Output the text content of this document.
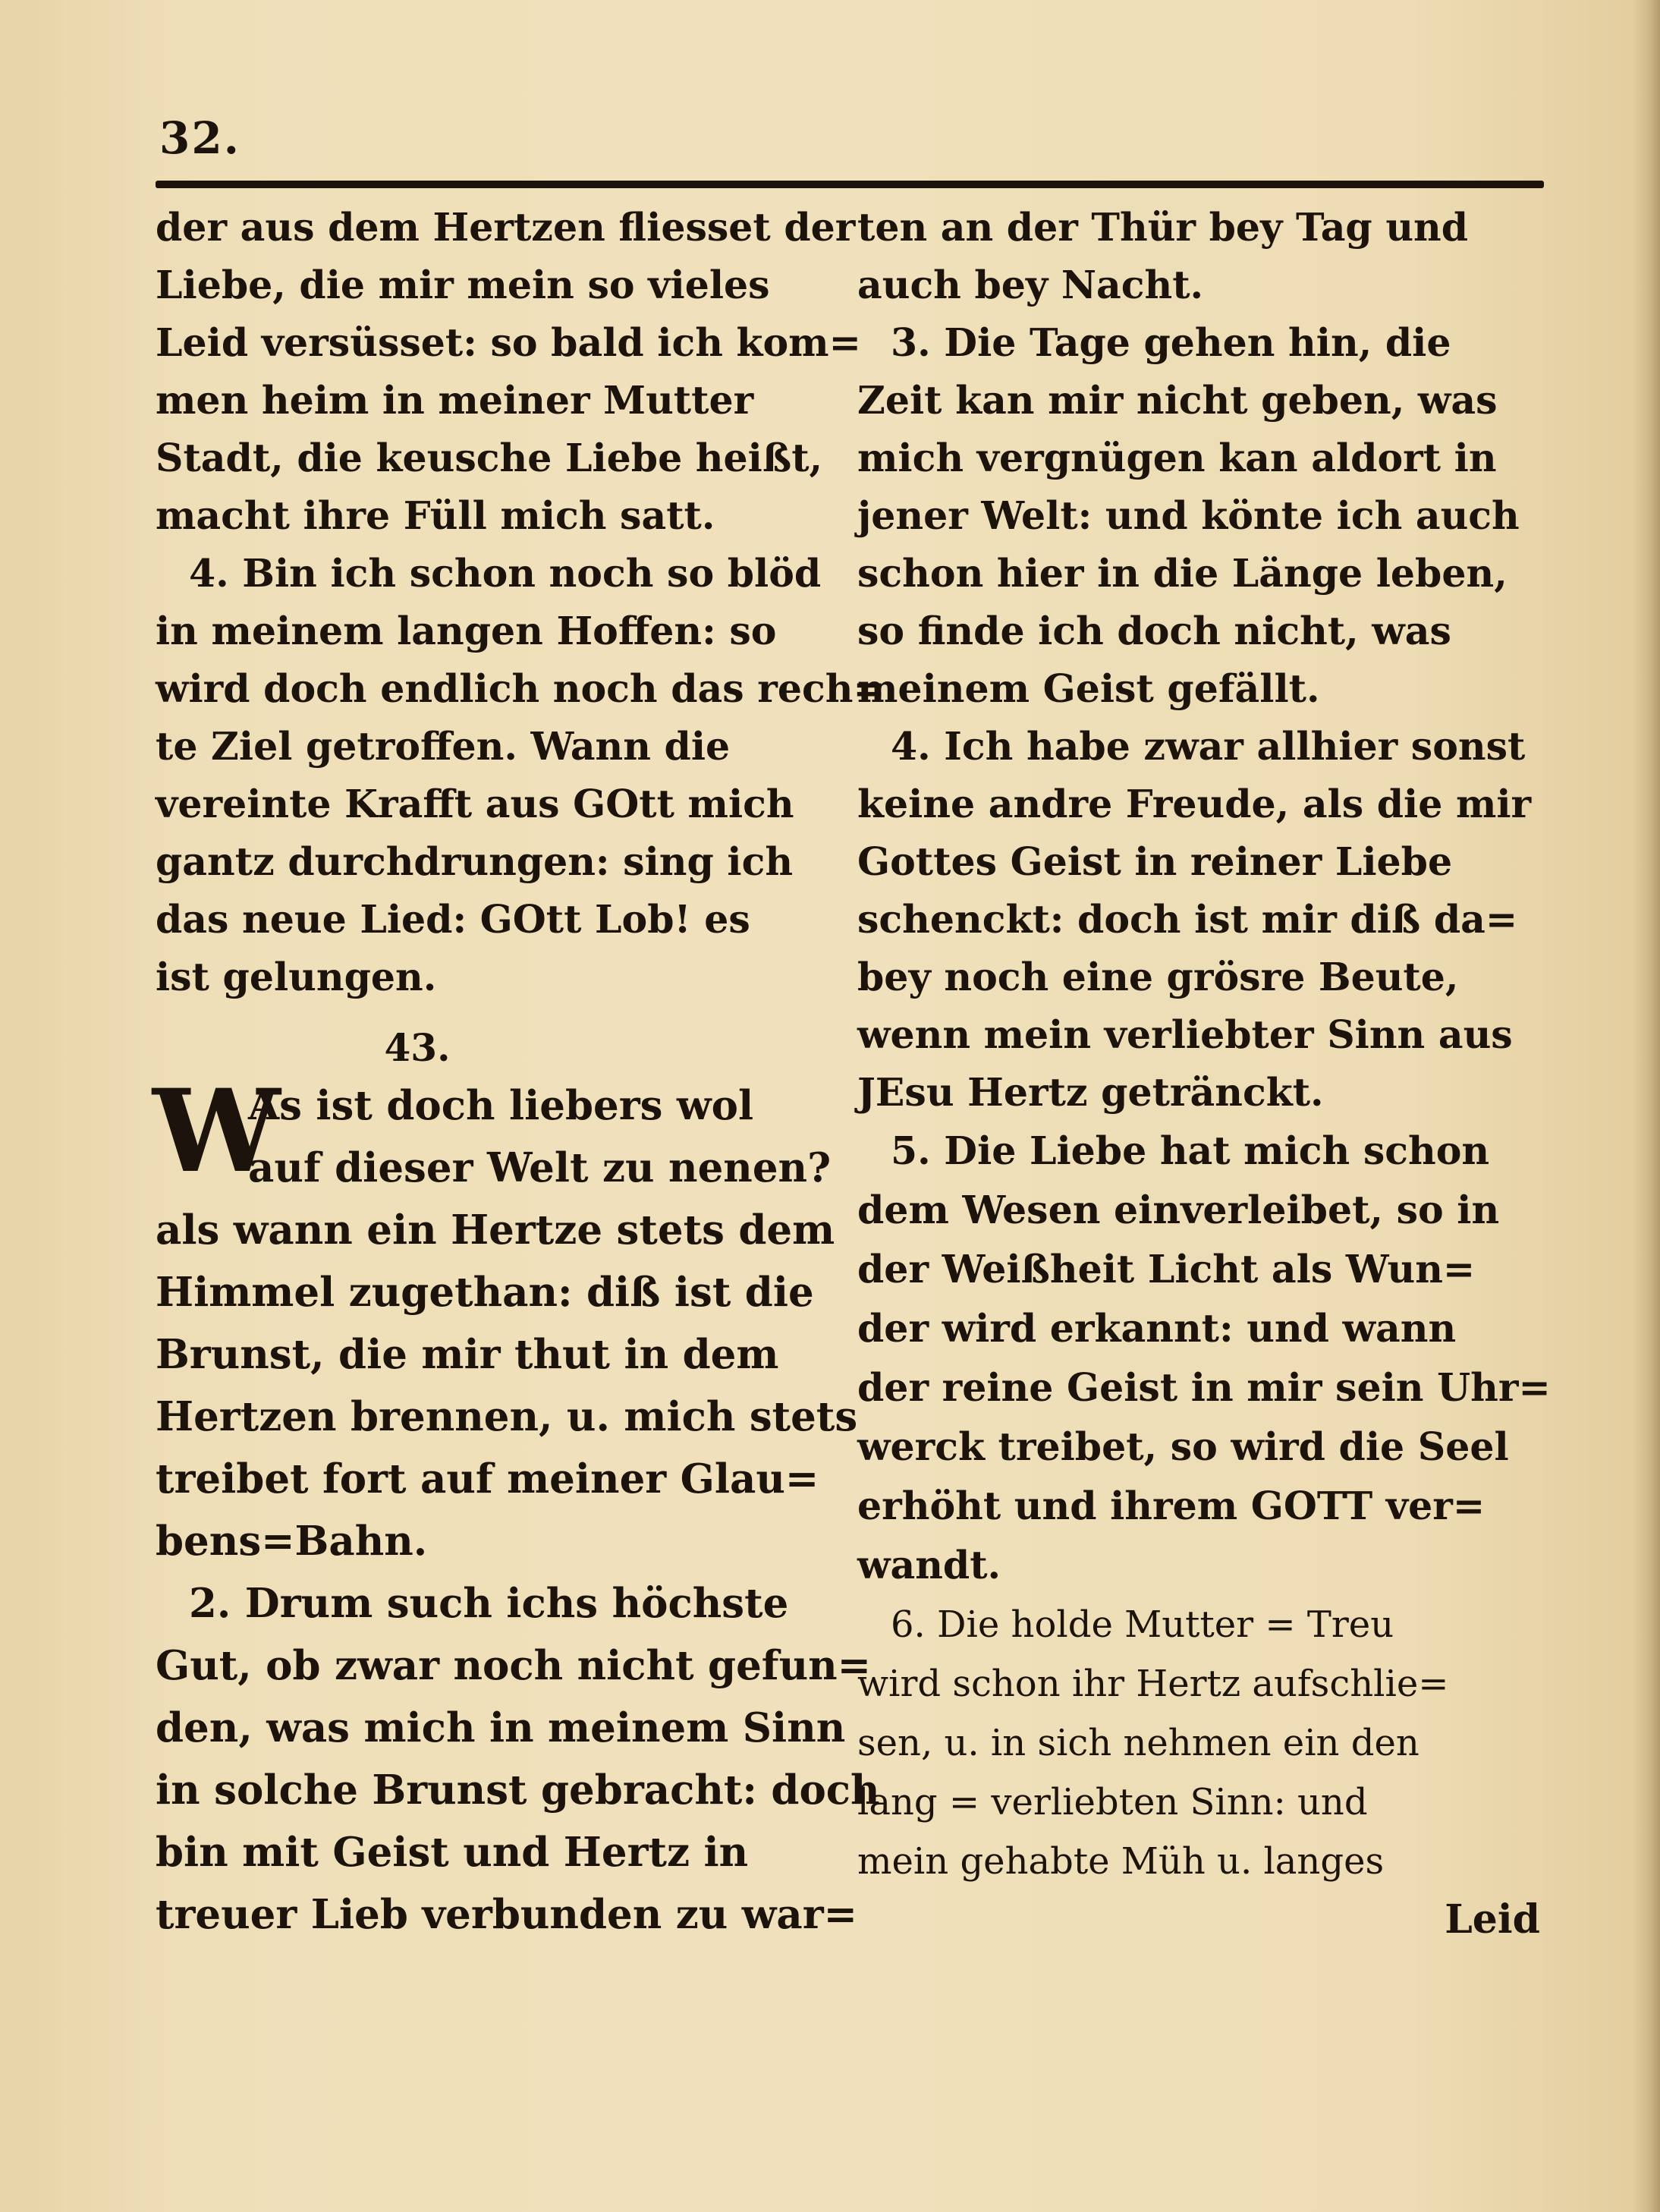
32.
der aus dem Hertzen fliesset der
Liebe, die mir mein so vieles
Leid versüsset: so bald ich kom=
men heim in meiner Mutter
Stadt, die keusche Liebe heißt,
macht ihre Füll mich satt.
4. Bin ich schon noch so blöd
in meinem langen Hoffen: so
wird doch endlich noch das rech=
te Ziel getroffen. Wann die
vereinte Krafft aus GOtt mich
gantz durchdrungen: sing ich
das neue Lied: GOtt Lob! es
ist gelungen.
43.
W
As ist doch liebers wol
auf dieser Welt zu nenen?
als wann ein Hertze stets dem
Himmel zugethan: diß ist die
Brunst, die mir thut in dem
Hertzen brennen, u. mich stets
treibet fort auf meiner Glau=
bens=Bahn.
2. Drum such ichs höchste
Gut, ob zwar noch nicht gefun=
den, was mich in meinem Sinn
in solche Brunst gebracht: doch
bin mit Geist und Hertz in
treuer Lieb verbunden zu war=
ten an der Thür bey Tag und
auch bey Nacht.
3. Die Tage gehen hin, die
Zeit kan mir nicht geben, was
mich vergnügen kan aldort in
jener Welt: und könte ich auch
schon hier in die Länge leben,
so finde ich doch nicht, was
meinem Geist gefällt.
4. Ich habe zwar allhier sonst
keine andre Freude, als die mir
Gottes Geist in reiner Liebe
schenckt: doch ist mir diß da=
bey noch eine grösre Beute,
wenn mein verliebter Sinn aus
JEsu Hertz getränckt.
5. Die Liebe hat mich schon
dem Wesen einverleibet, so in
der Weißheit Licht als Wun=
der wird erkannt: und wann
der reine Geist in mir sein Uhr=
werck treibet, so wird die Seel
erhöht und ihrem GOTT ver=
wandt.
6. Die holde Mutter = Treu
wird schon ihr Hertz aufschlie=
sen, u. in sich nehmen ein den
lang = verliebten Sinn: und
mein gehabte Müh u. langes
Leid
